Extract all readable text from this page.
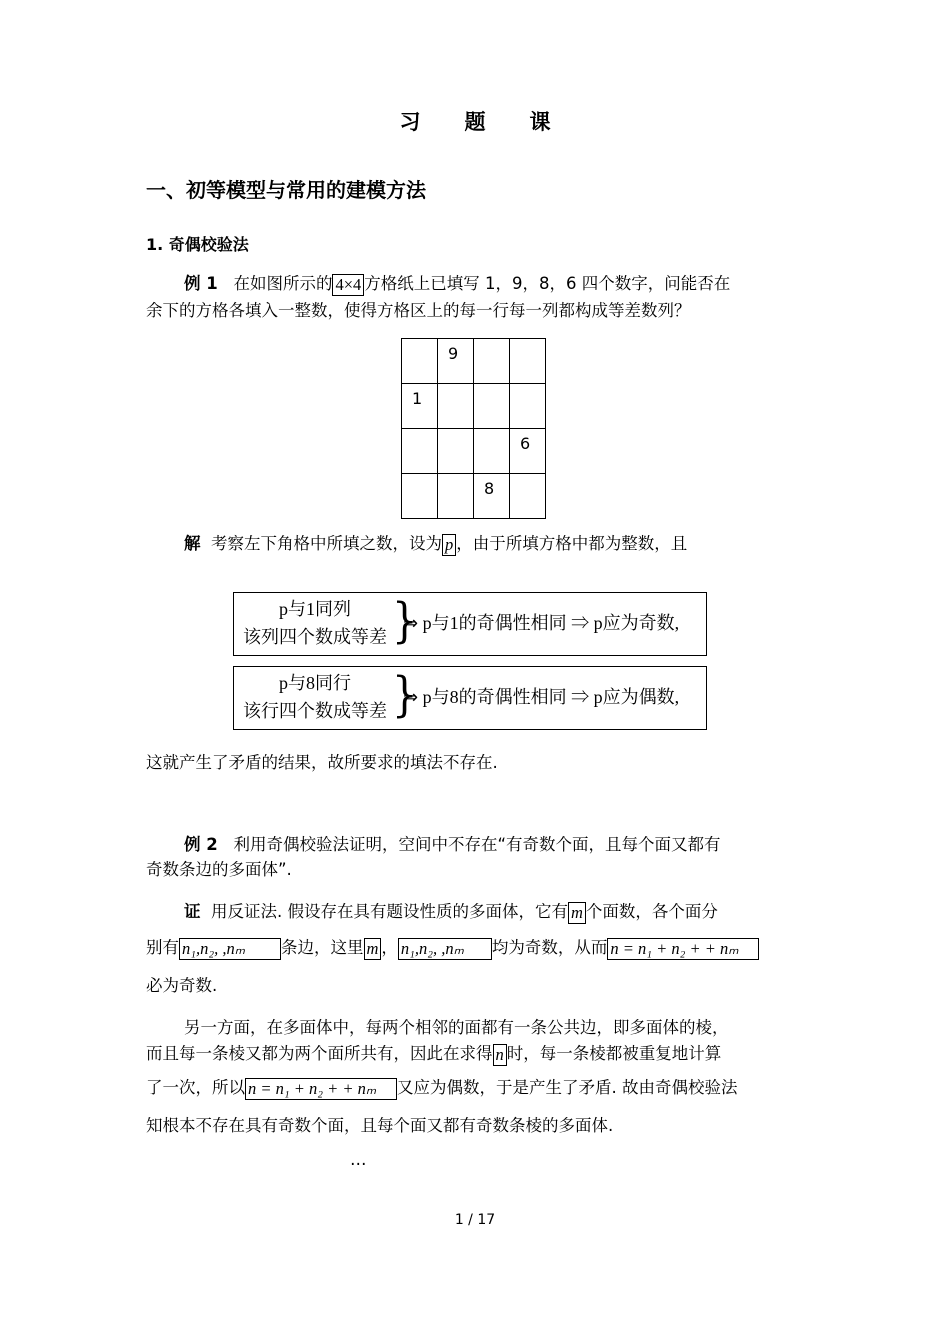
习 题 课
一、初等模型与常用的建模方法
1. 奇偶校验法
例 1 在如图所示的 4×4 方格纸上已填写 1，9，8，6 四个数字，问能否在
余下的方格各填入一整数，使得方格区上的每一行每一列都构成等差数列？

	9		

1			

			6

		8	

解 考察左下角格中所填之数，设为 p ，由于所填方格中都为整数，且
p与1同列
该列四个数成等差 }
⇒ p与1的奇偶性相同 ⇒ p应为奇数,
p与8同行
该行四个数成等差 }
⇒ p与8的奇偶性相同 ⇒ p应为偶数,
这就产生了矛盾的结果，故所要求的填法不存在.
例 2 利用奇偶校验法证明，空间中不存在“有奇数个面，且每个面又都有
奇数条边的多面体”.
证 用反证法. 假设存在具有题设性质的多面体，它有 m 个面数，各个面分
别有 n₁,n₂, ,nₘ 条边，这里 m ， n₁,n₂, ,nₘ 均为奇数，从而 n = n₁ + n₂ + + nₘ
必为奇数.
另一方面，在多面体中，每两个相邻的面都有一条公共边，即多面体的棱，
而且每一条棱又都为两个面所共有，因此在求得 n 时，每一条棱都被重复地计算
了一次，所以 n = n₁ + n₂ + + nₘ 又应为偶数，于是产生了矛盾. 故由奇偶校验法
知根本不存在具有奇数个面，且每个面又都有奇数条棱的多面体.
…
1 / 17
